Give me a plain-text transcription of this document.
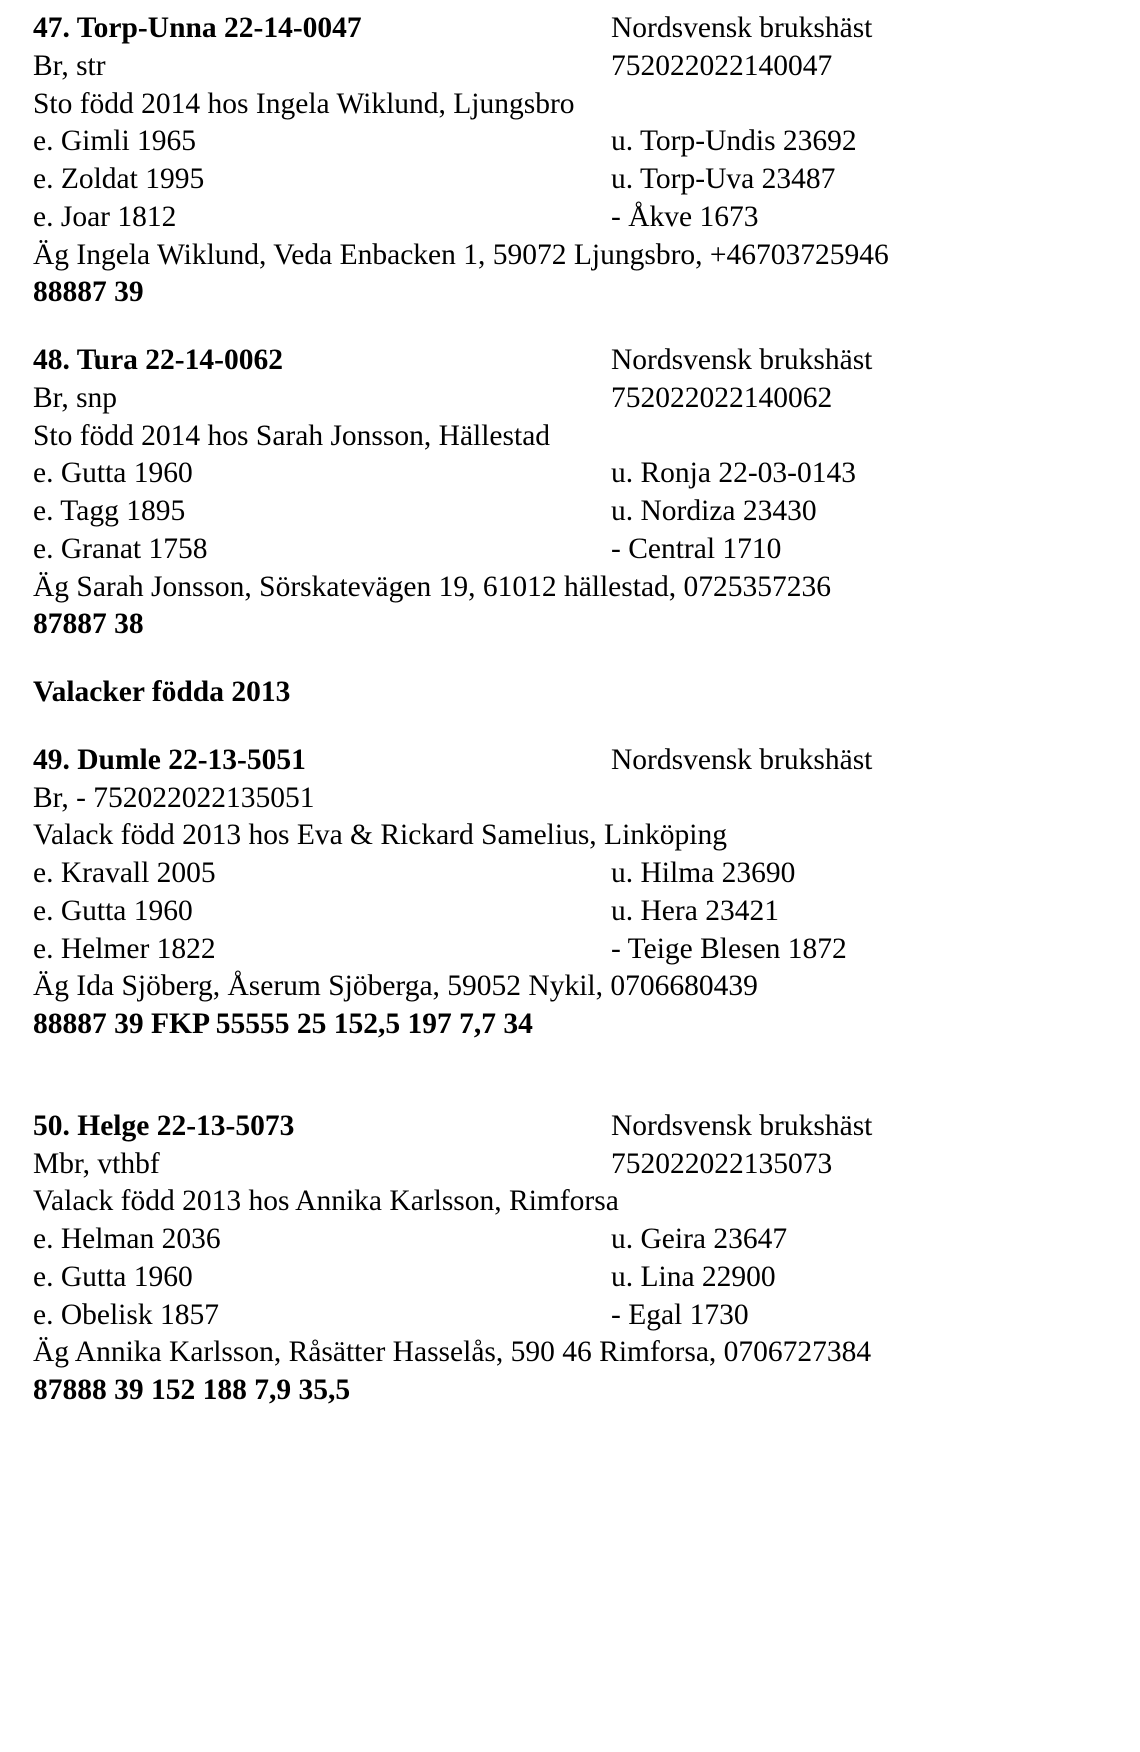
47. Torp-Unna 22-14-0047	Nordsvensk brukshäst
Br, str	752022022140047
Sto född 2014 hos Ingela Wiklund, Ljungsbro
e. Gimli 1965	u. Torp-Undis 23692
e. Zoldat 1995	u. Torp-Uva 23487
e. Joar 1812	- Åkve 1673
Äg Ingela Wiklund, Veda Enbacken 1, 59072 Ljungsbro, +46703725946
88887 39
48. Tura 22-14-0062	Nordsvensk brukshäst
Br, snp	752022022140062
Sto född 2014 hos Sarah Jonsson, Hällestad
e. Gutta 1960	u. Ronja 22-03-0143
e. Tagg 1895	u. Nordiza 23430
e. Granat 1758	- Central 1710
Äg Sarah Jonsson, Sörskatevägen 19, 61012 hällestad, 0725357236
87887 38
Valacker födda 2013
49. Dumle 22-13-5051	Nordsvensk brukshäst
Br, - 752022022135051
Valack född 2013 hos Eva & Rickard Samelius, Linköping
e. Kravall 2005	u. Hilma 23690
e. Gutta 1960	u. Hera 23421
e. Helmer 1822	- Teige Blesen 1872
Äg Ida Sjöberg, Åserum Sjöberga, 59052 Nykil, 0706680439
88887 39 FKP 55555 25 152,5 197 7,7 34
50. Helge 22-13-5073	Nordsvensk brukshäst
Mbr, vthbf	752022022135073
Valack född 2013 hos Annika Karlsson, Rimforsa
e. Helman 2036	u. Geira 23647
e. Gutta 1960	u. Lina 22900
e. Obelisk 1857	- Egal 1730
Äg Annika Karlsson, Råsätter Hasselås, 590 46 Rimforsa, 0706727384
87888 39 152 188 7,9 35,5
